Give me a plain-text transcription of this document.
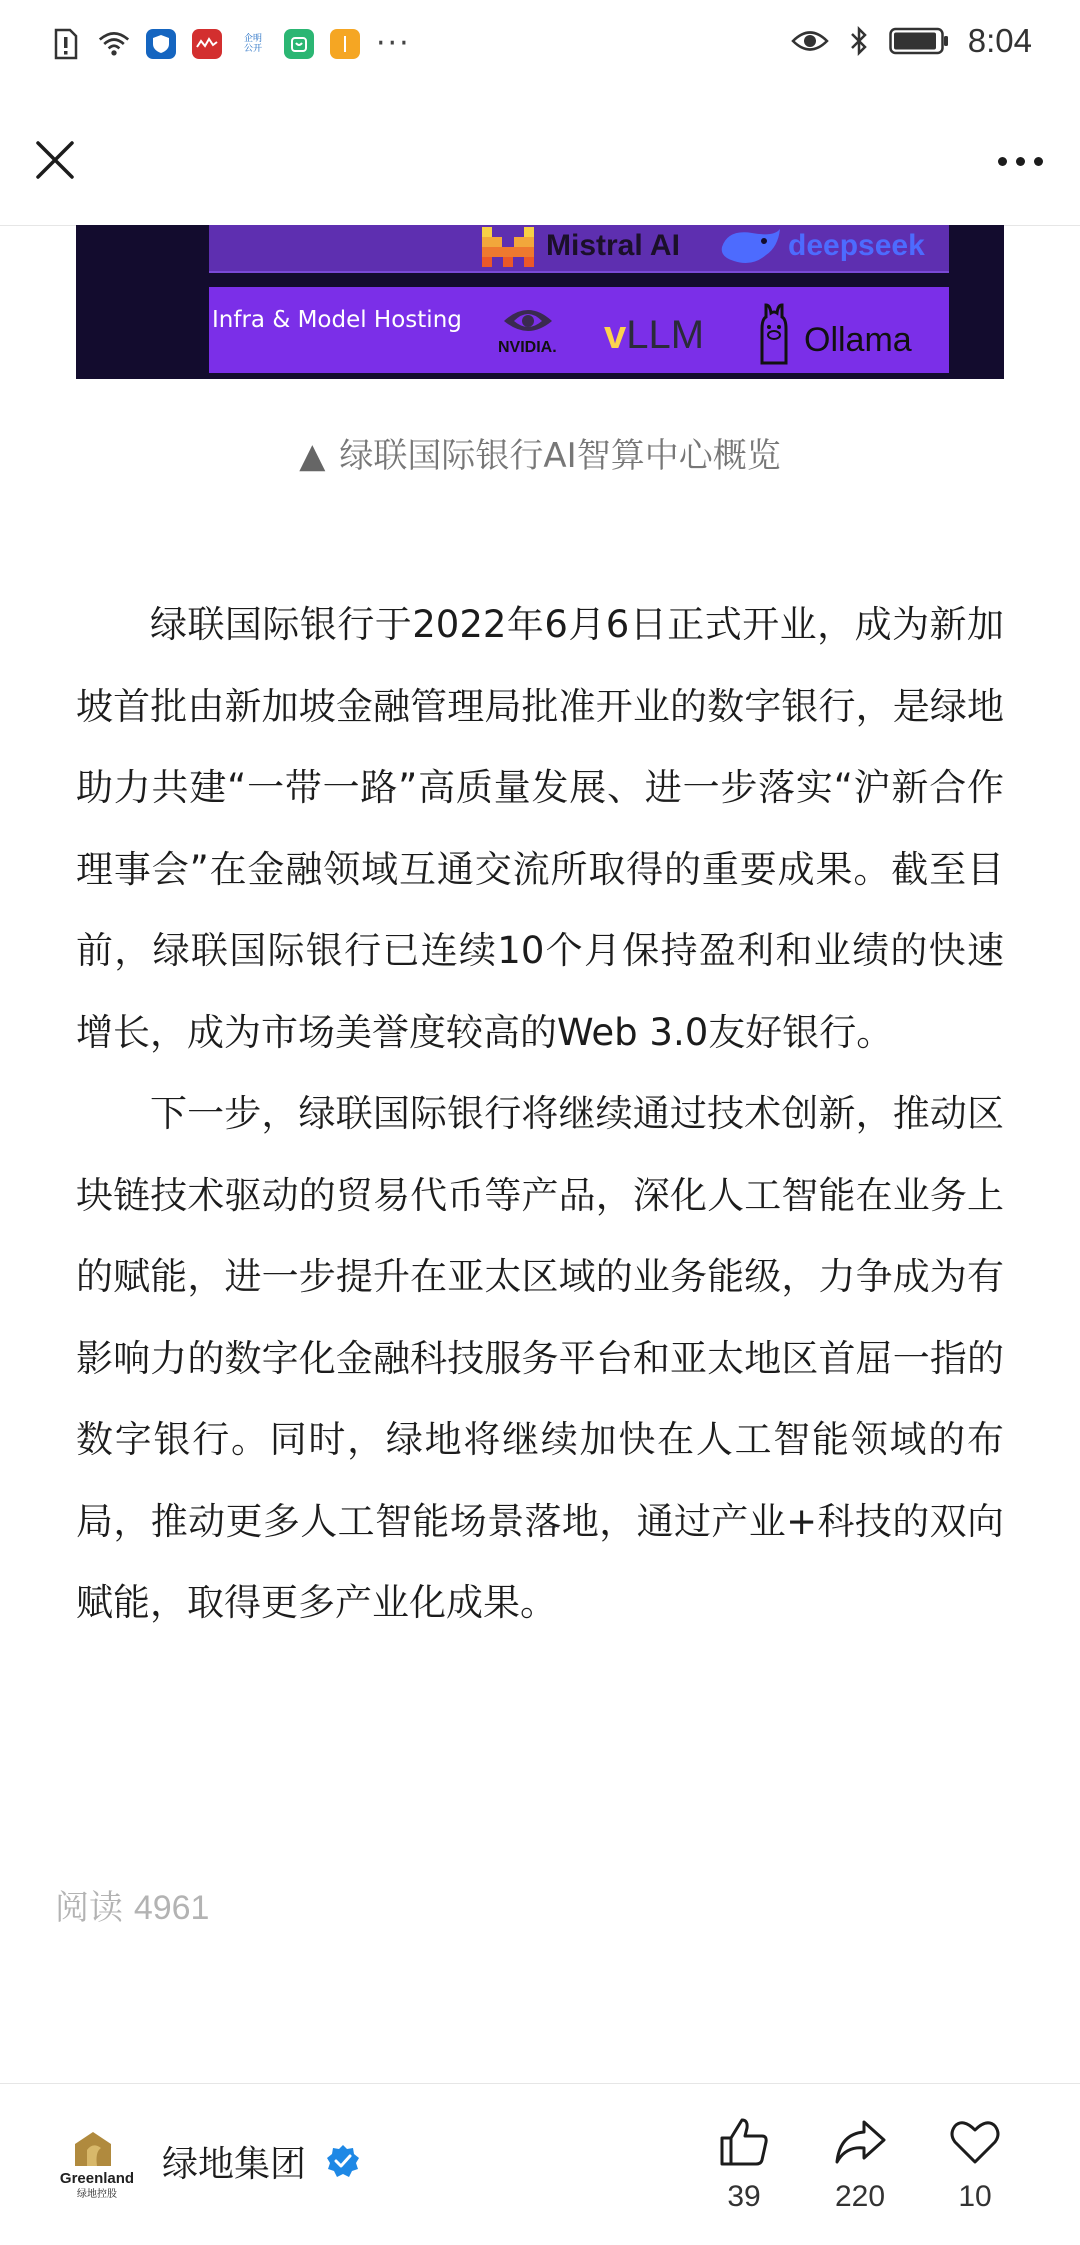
企明
公开	···	8:04
Mistral AI	deepseek
Infra & Model Hosting
NVIDIA. vLLM	Ollama
▲ 绿联国际银行AI智算中心概览

绿联国际银行于2022年6月6日正式开业，成为新加坡首批由新加坡金融管理局批准开业的数字银行，是绿地助力共建“一带一路”高质量发展、进一步落实“沪新合作理事会”在金融领域互通交流所取得的重要成果。截至目前，绿联国际银行已连续10个月保持盈利和业绩的快速增长，成为市场美誉度较高的Web 3.0友好银行。

下一步，绿联国际银行将继续通过技术创新，推动区块链技术驱动的贸易代币等产品，深化人工智能在业务上的赋能，进一步提升在亚太区域的业务能级，力争成为有影响力的数字化金融科技服务平台和亚太地区首屈一指的数字银行。同时，绿地将继续加快在人工智能领域的布局，推动更多人工智能场景落地，通过产业+科技的双向赋能，取得更多产业化成果。

阅读 4961
Greenland
绿地控股
绿地集团
39	220	10
